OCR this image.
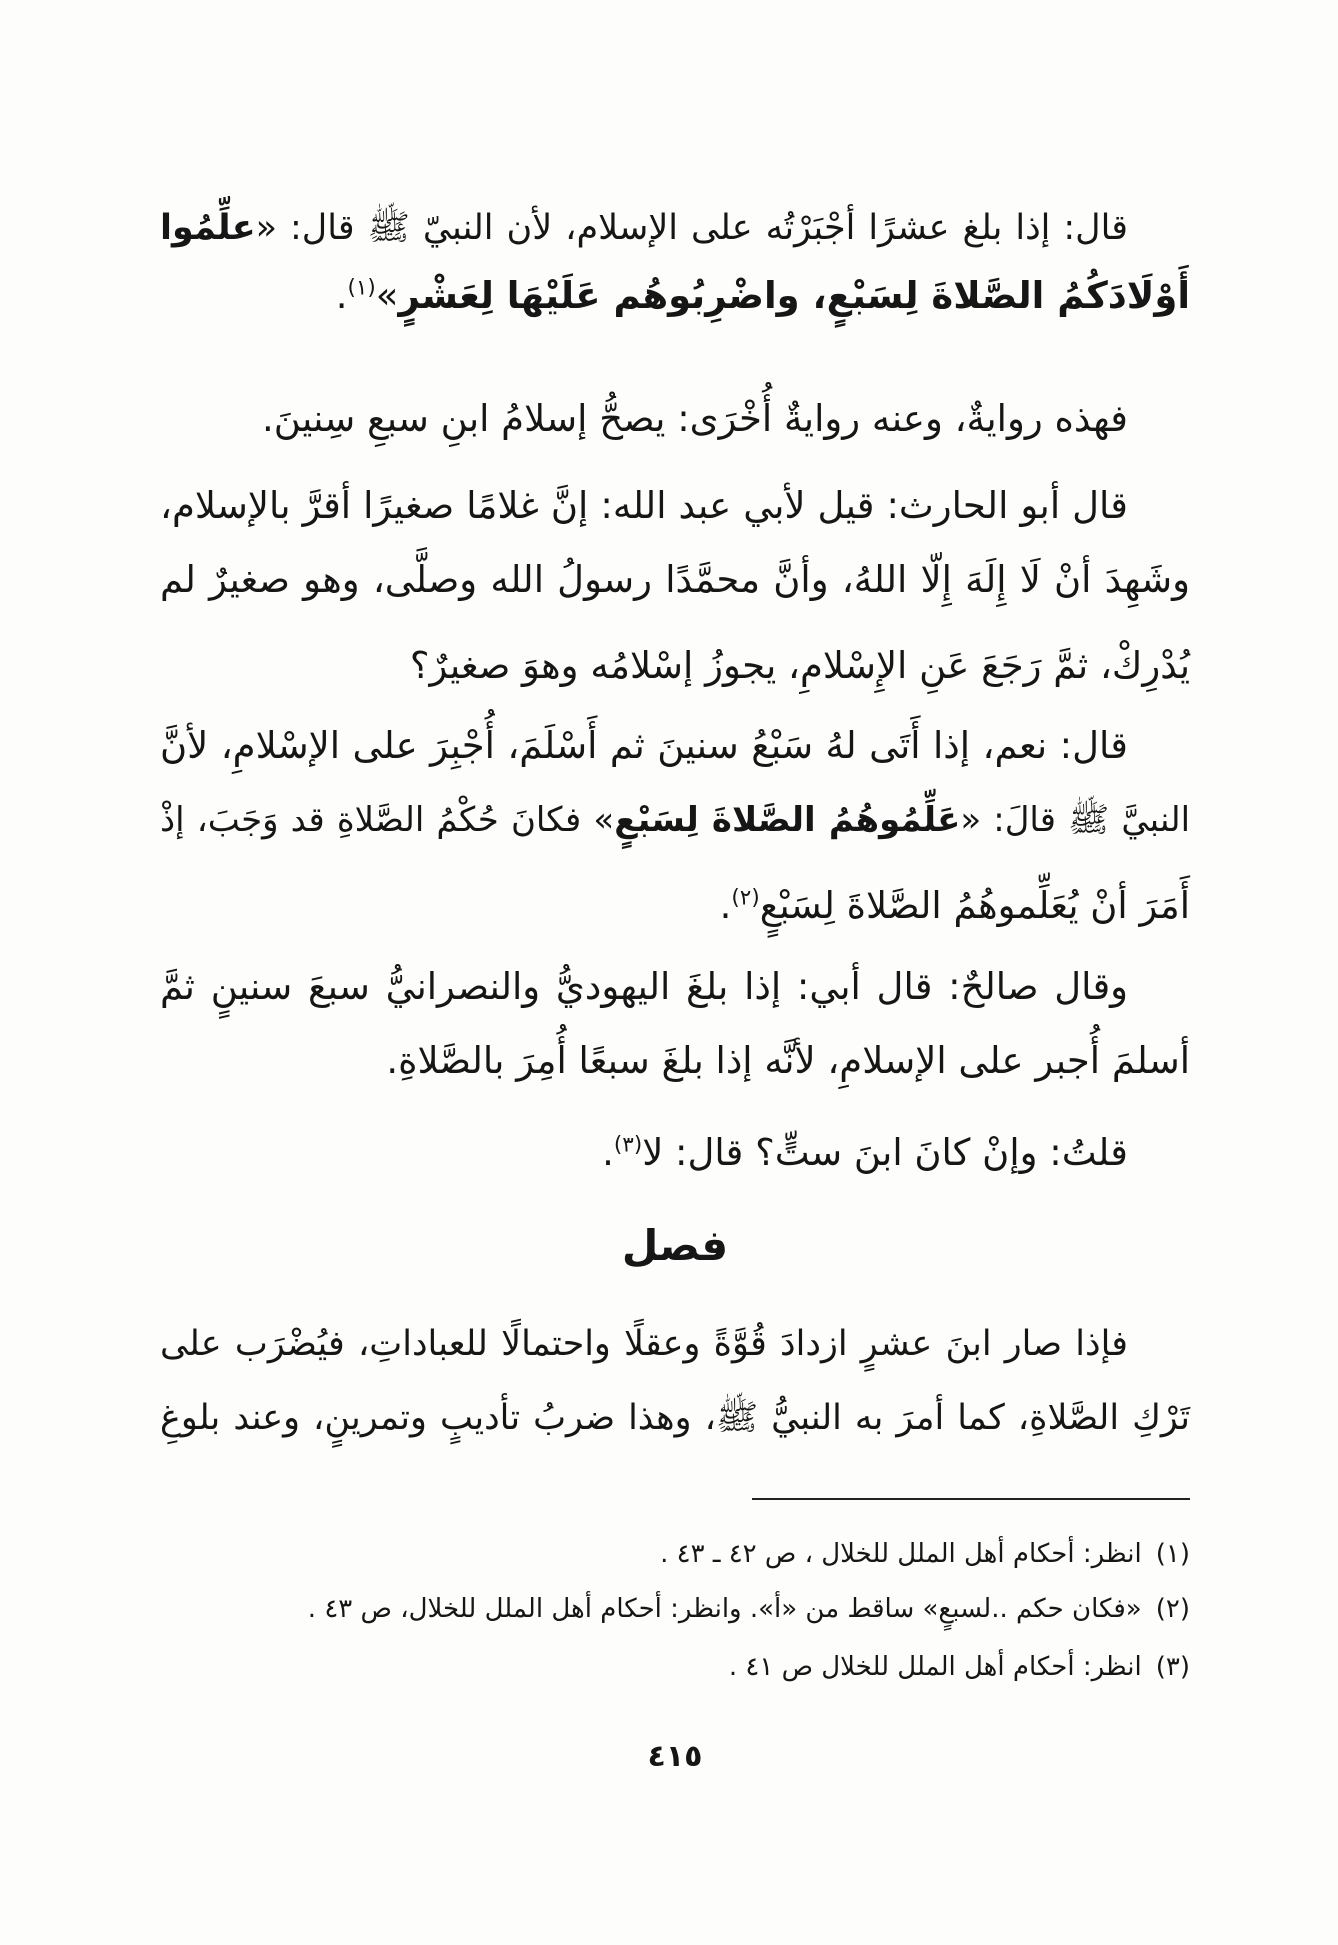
قال: إذا بلغ عشرًا أجْبَرْتُه على الإسلام، لأن النبيّ ﷺ قال: «علِّمُوا
أَوْلَادَكُمُ الصَّلاةَ لِسَبْعٍ، واضْرِبُوهُم عَلَيْهَا لِعَشْرٍ»$^{(١)}$.
فهذه روايةٌ، وعنه روايةٌ أُخْرَى: يصحُّ إسلامُ ابنِ سبعِ سِنينَ.
قال أبو الحارث: قيل لأبي عبد الله: إنَّ غلامًا صغيرًا أقرَّ بالإسلام،
وشَهِدَ أنْ لَا إِلَهَ إِلّا اللهُ، وأنَّ محمَّدًا رسولُ الله وصلَّى، وهو صغيرٌ لم
يُدْرِكْ، ثمَّ رَجَعَ عَنِ الإِسْلامِ، يجوزُ إسْلامُه وهوَ صغيرٌ؟
قال: نعم، إذا أَتَى لهُ سَبْعُ سنينَ ثم أَسْلَمَ، أُجْبِرَ على الإسْلامِ، لأنَّ
النبيَّ ﷺ قالَ: «عَلِّمُوهُمُ الصَّلاةَ لِسَبْعٍ» فكانَ حُكْمُ الصَّلاةِ قد وَجَبَ، إذْ
أَمَرَ أنْ يُعَلِّموهُمُ الصَّلاةَ لِسَبْعٍ$^{(٢)}$.
وقال صالحٌ: قال أبي: إذا بلغَ اليهوديُّ والنصرانيُّ سبعَ سنينٍ ثمَّ
أسلمَ أُجبر على الإسلامِ، لأنَّه إذا بلغَ سبعًا أُمِرَ بالصَّلاةِ.
قلتُ: وإنْ كانَ ابنَ ستٍّ؟ قال: لا$^{(٣)}$.
فصل
فإذا صار ابنَ عشرٍ ازدادَ قُوَّةً وعقلًا واحتمالًا للعباداتِ، فيُضْرَب على
تَرْكِ الصَّلاةِ، كما أمرَ به النبيُّ ﷺ، وهذا ضربُ تأديبٍ وتمرينٍ، وعند بلوغِ
(١)انظر: أحكام أهل الملل للخلال ، ص ٤٢ ـ ٤٣ .
(٢)«فكان حكم ..لسبعٍ» ساقط من «أ». وانظر: أحكام أهل الملل للخلال، ص ٤٣ .
(٣)انظر: أحكام أهل الملل للخلال ص ٤١ .
٤١٥
